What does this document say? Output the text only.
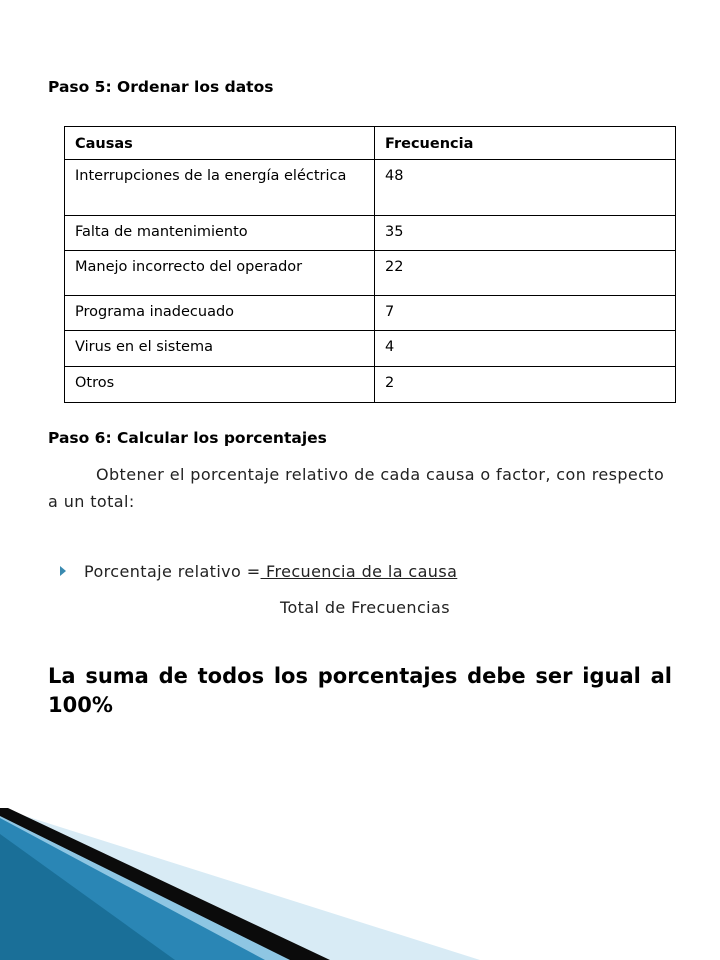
Paso 5: Ordenar los datos
Causas	Frecuencia

Interrupciones de la energía eléctrica	48
Falta de mantenimiento	35
Manejo incorrecto del operador	22
Programa inadecuado	7
Virus en el sistema	4
Otros	2
Paso 6: Calcular los porcentajes
Obtener el porcentaje relativo de cada causa o factor, con respecto a un total:
Porcentaje relativo = Frecuencia de la causa
Total de Frecuencias
La suma de todos los porcentajes debe ser igual al 100%
